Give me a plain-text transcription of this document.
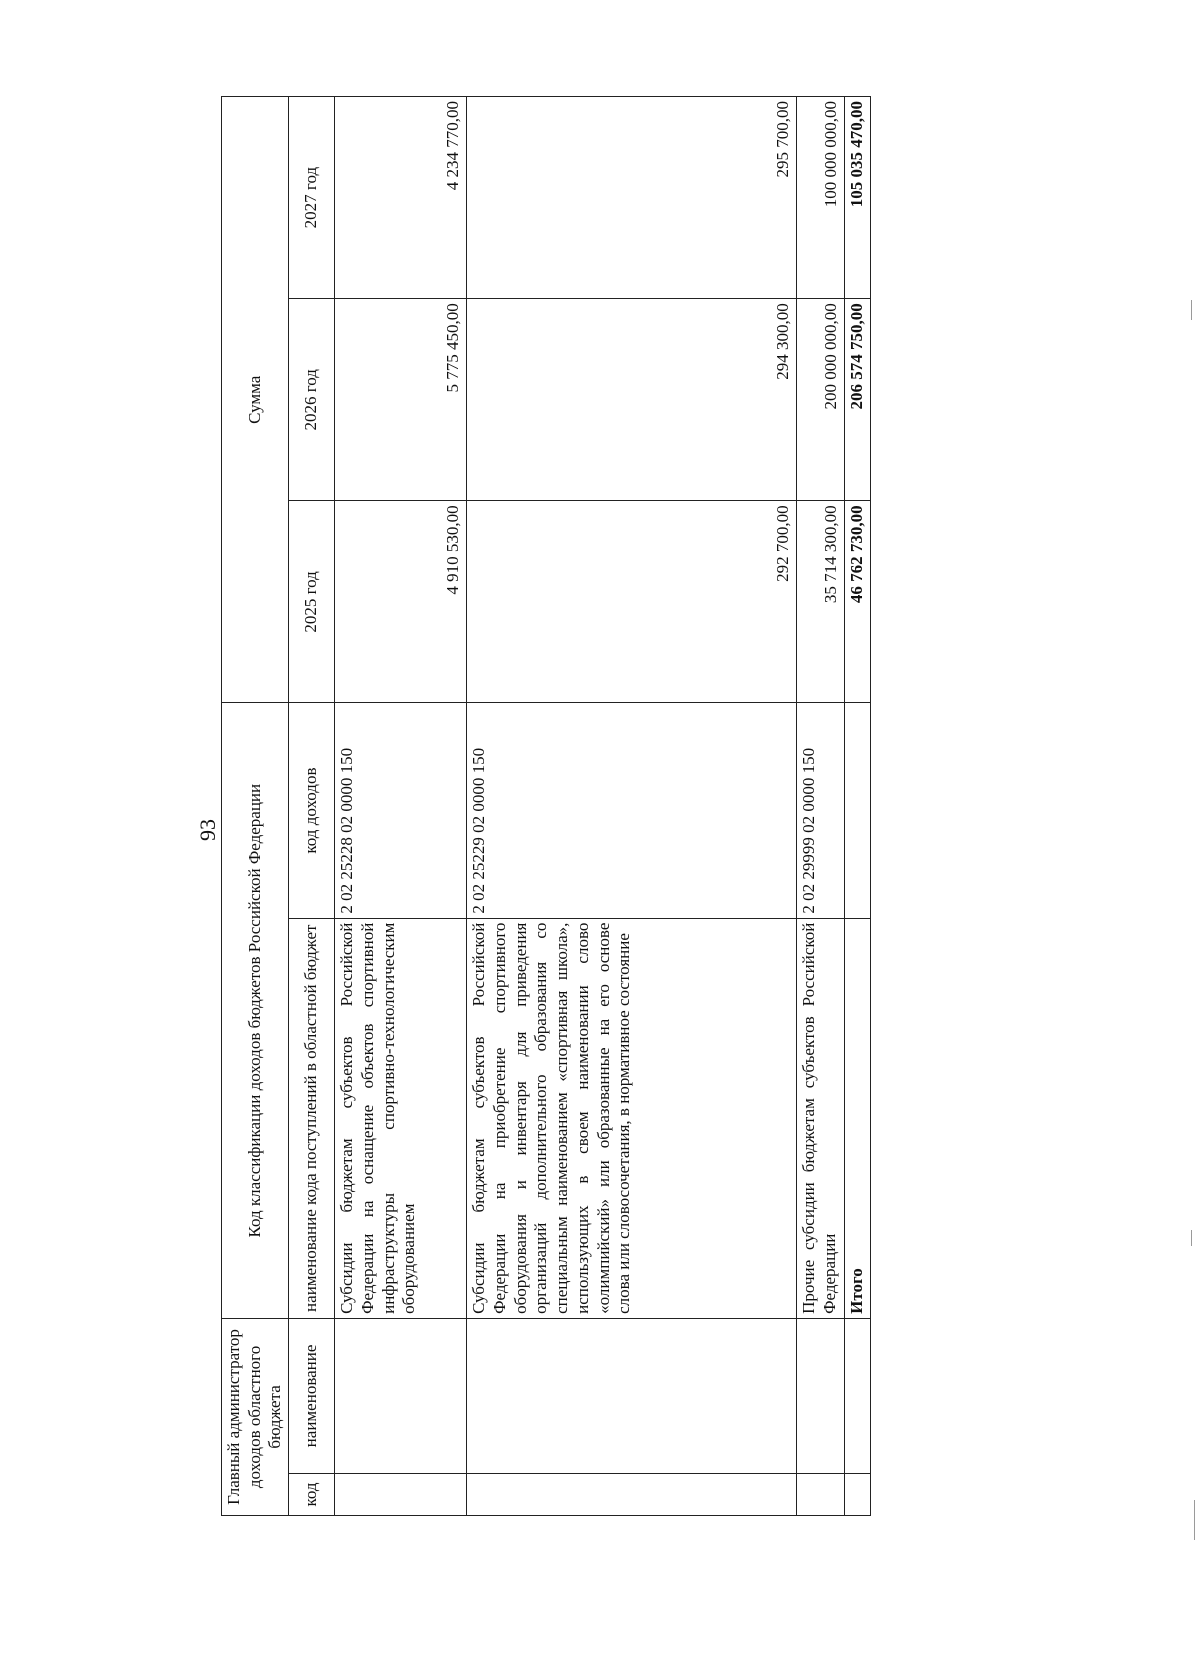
93
Главный администратор доходов областного бюджета		Код классификации доходов бюджетов Российской Федерации		Сумма		
код	наименование	наименование кода поступлений в областной бюджет	код доходов	2025 год	2026 год	2027 год
		Субсидии бюджетам субъектов Российской Федерации на оснащение объектов спортивной инфраструктуры спортивно-технологическим оборудованием	2 02 25228 02 0000 150	4 910 530,00	5 775 450,00	4 234 770,00
		Субсидии бюджетам субъектов Российской Федерации на приобретение спортивного оборудования и инвентаря для приведения организаций дополнительного образования со специальным наименованием «спортивная школа», использующих в своем наименовании слово «олимпийский» или образованные на его основе слова или словосочетания, в нормативное состояние	2 02 25229 02 0000 150	292 700,00	294 300,00	295 700,00
		Прочие субсидии бюджетам субъектов Российской Федерации	2 02 29999 02 0000 150	35 714 300,00	200 000 000,00	100 000 000,00
		Итого		46 762 730,00	206 574 750,00	105 035 470,00
